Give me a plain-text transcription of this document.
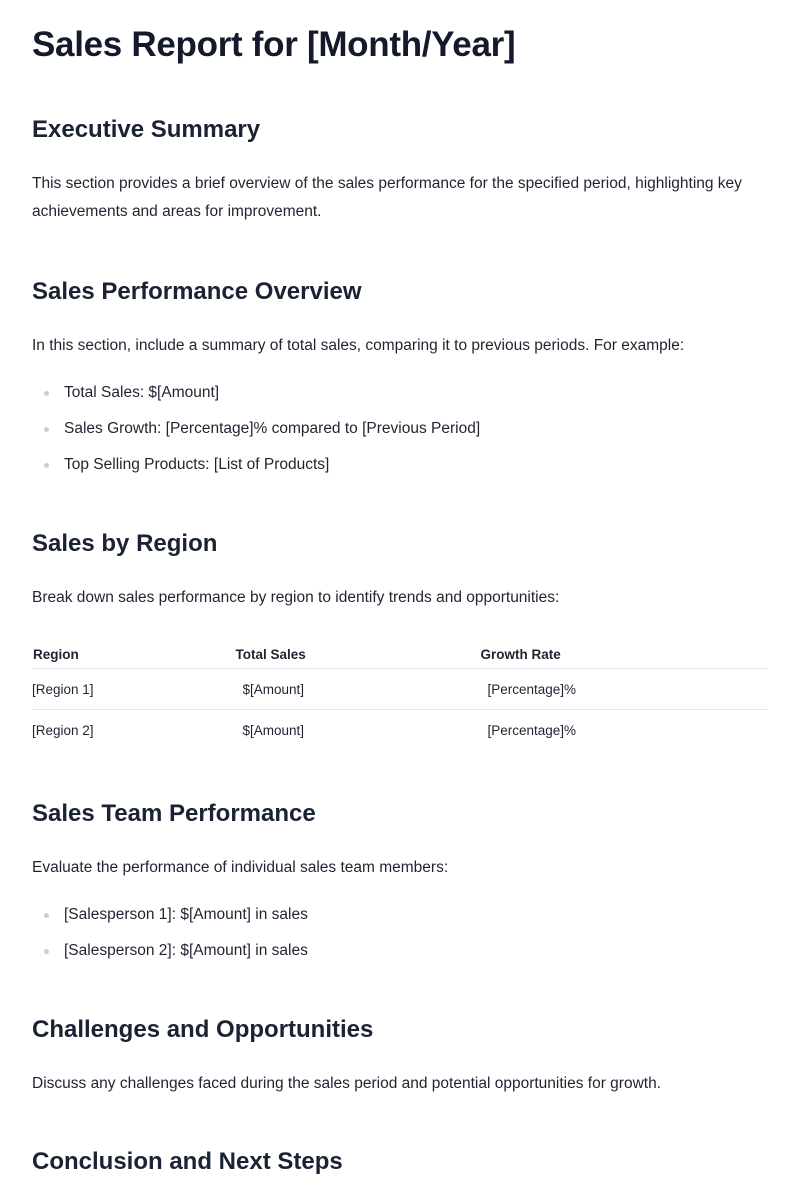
Sales Report for [Month/Year]
Executive Summary

This section provides a brief overview of the sales performance for the specified period, highlighting key achievements and areas for improvement.

Sales Performance Overview

In this section, include a summary of total sales, comparing it to previous periods. For example:

Total Sales: $[Amount]
Sales Growth: [Percentage]% compared to [Previous Period]
Top Selling Products: [List of Products]
Sales by Region

Break down sales performance by region to identify trends and opportunities:

Region	Total Sales	Growth Rate
[Region 1]	$[Amount]	[Percentage]%
[Region 2]	$[Amount]	[Percentage]%
Sales Team Performance

Evaluate the performance of individual sales team members:

[Salesperson 1]: $[Amount] in sales
[Salesperson 2]: $[Amount] in sales
Challenges and Opportunities

Discuss any challenges faced during the sales period and potential opportunities for growth.

Conclusion and Next Steps
